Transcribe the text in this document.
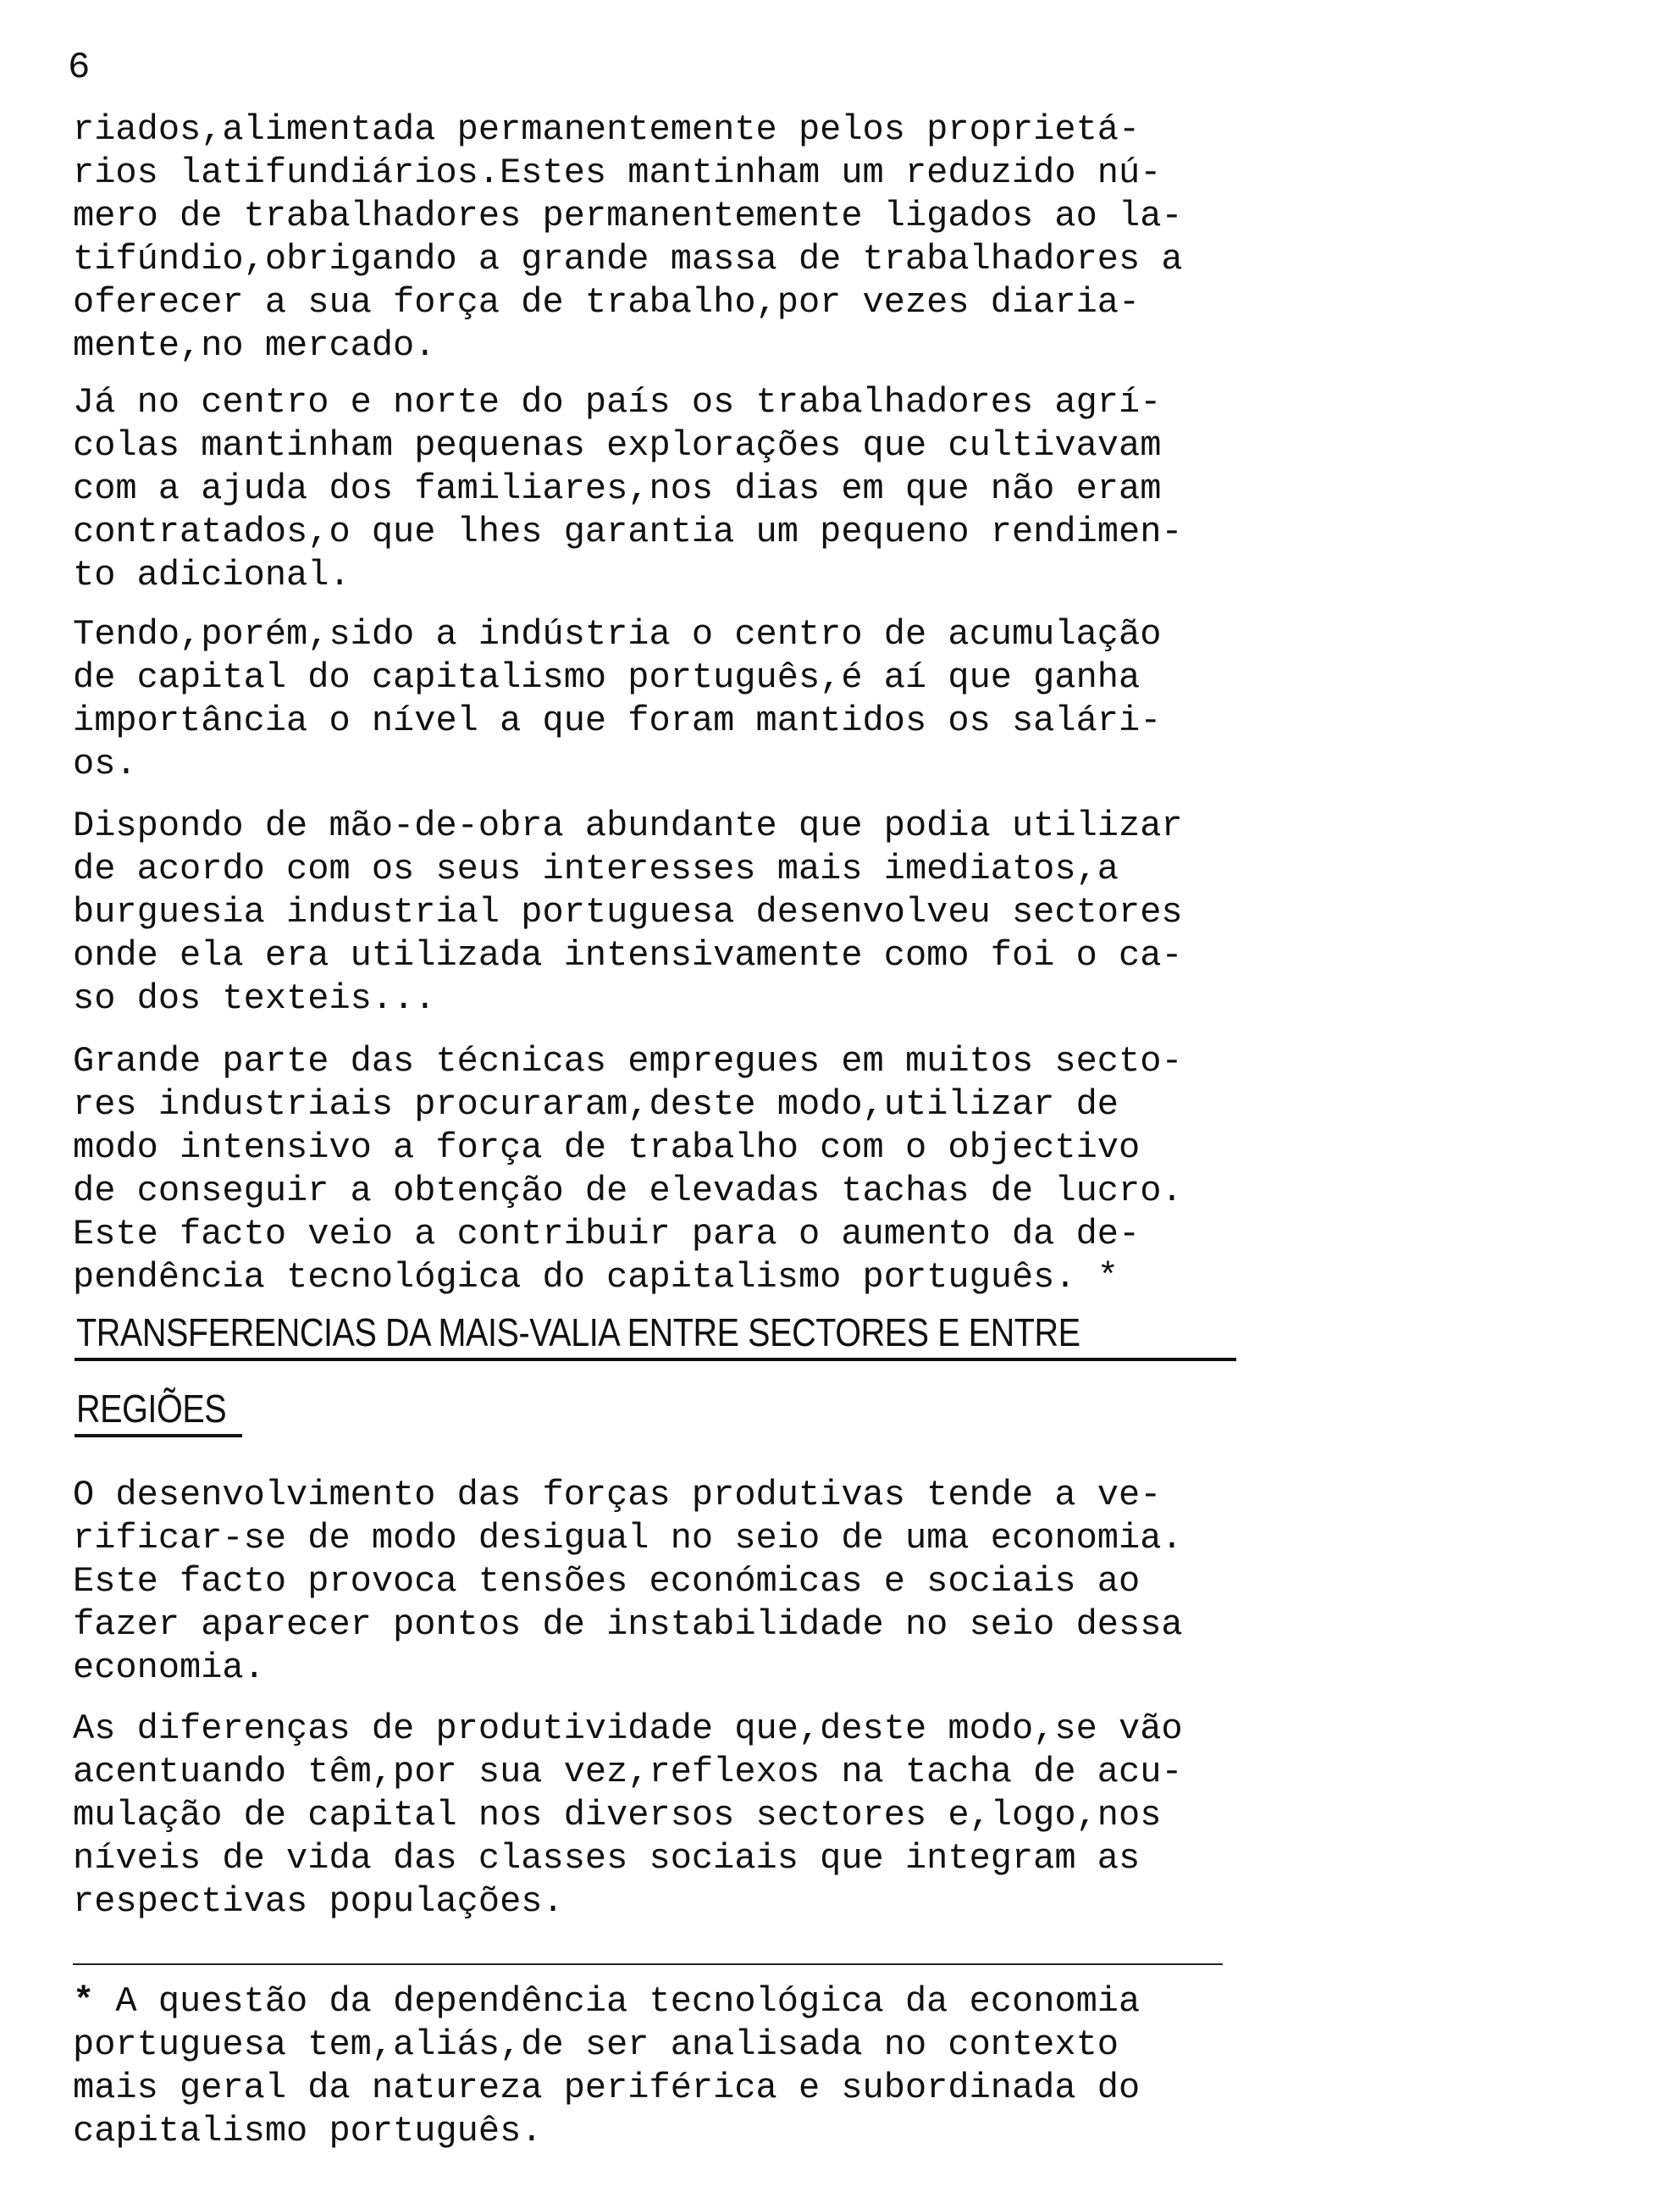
6
riados,alimentada permanentemente pelos proprietá-
rios latifundiários.Estes mantinham um reduzido nú-
mero de trabalhadores permanentemente ligados ao la-
tifúndio,obrigando a grande massa de trabalhadores a
oferecer a sua força de trabalho,por vezes diaria-
mente,no mercado.
Já no centro e norte do país os trabalhadores agrí-
colas mantinham pequenas explorações que cultivavam
com a ajuda dos familiares,nos dias em que não eram
contratados,o que lhes garantia um pequeno rendimen-
to adicional.
Tendo,porém,sido a indústria o centro de acumulação
de capital do capitalismo português,é aí que ganha
importância o nível a que foram mantidos os salári-
os.
Dispondo de mão-de-obra abundante que podia utilizar
de acordo com os seus interesses mais imediatos,a
burguesia industrial portuguesa desenvolveu sectores
onde ela era utilizada intensivamente como foi o ca-
so dos texteis...
Grande parte das técnicas empregues em muitos secto-
res industriais procuraram,deste modo,utilizar de
modo intensivo a força de trabalho com o objectivo
de conseguir a obtenção de elevadas tachas de lucro.
Este facto veio a contribuir para o aumento da de-
pendência tecnológica do capitalismo português. *
TRANSFERENCIAS DA MAIS-VALIA ENTRE SECTORES E ENTRE
REGIÕES
O desenvolvimento das forças produtivas tende a ve-
rificar-se de modo desigual no seio de uma economia.
Este facto provoca tensões económicas e sociais ao
fazer aparecer pontos de instabilidade no seio dessa
economia.
As diferenças de produtividade que,deste modo,se vão
acentuando têm,por sua vez,reflexos na tacha de acu-
mulação de capital nos diversos sectores e,logo,nos
níveis de vida das classes sociais que integram as
respectivas populações.
* A questão da dependência tecnológica da economia
portuguesa tem,aliás,de ser analisada no contexto
mais geral da natureza periférica e subordinada do
capitalismo português.
